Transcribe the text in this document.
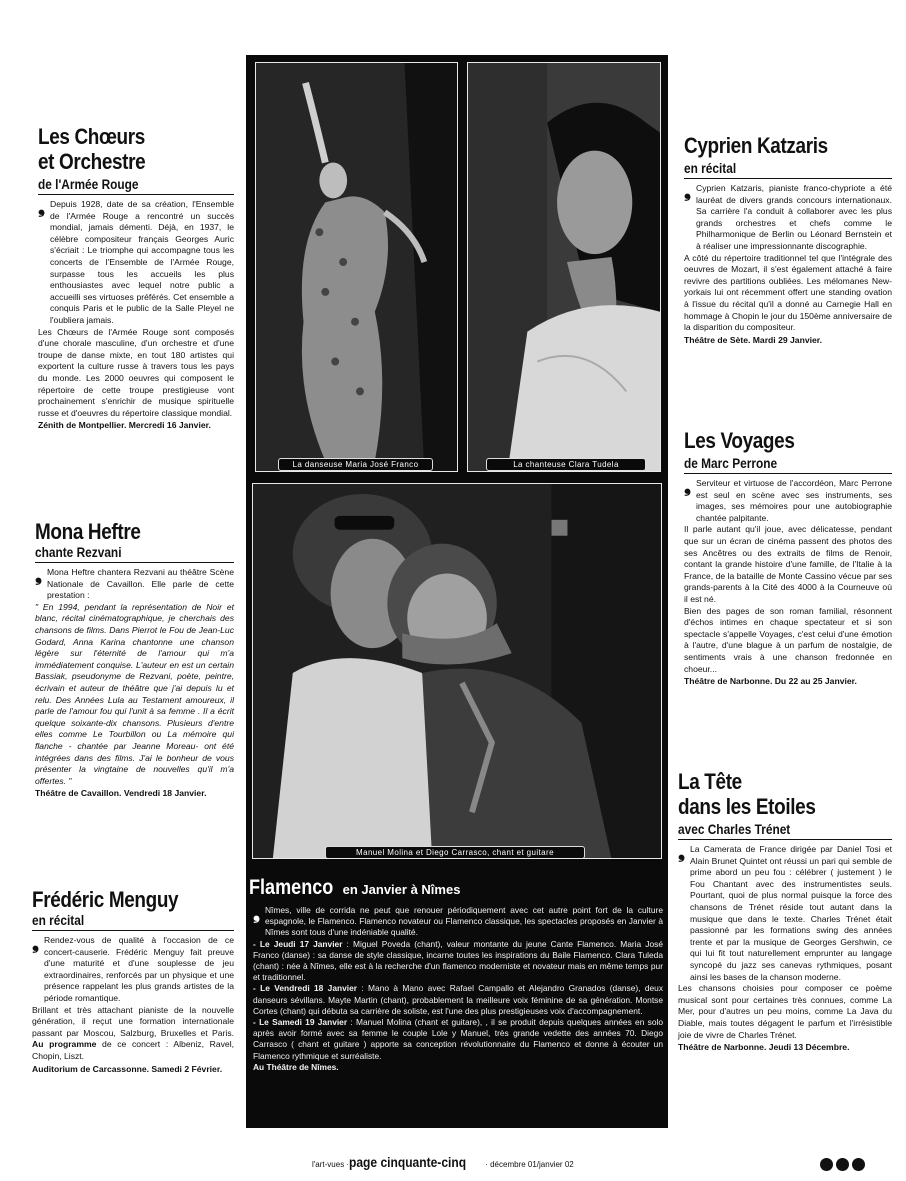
Les Chœurs
et Orchestre
de l'Armée Rouge

❟ Depuis 1928, date de sa création, l'Ensemble de l'Armée Rouge a rencontré un succès mondial, jamais démenti. Déjà, en 1937, le célèbre compositeur français Georges Auric s'écriait : Le triomphe qui accompagne tous les concerts de l'Ensemble de l'Armée Rouge, surpasse tous les accueils les plus enthousiastes avec lequel notre public a accueilli ses virtuoses préférés. Cet ensemble a conquis Paris et le public de la Salle Pleyel ne l'oubliera jamais.

Les Chœurs de l'Armée Rouge sont composés d'une chorale masculine, d'un orchestre et d'une troupe de danse mixte, en tout 180 artistes qui exportent la culture russe à travers tous les pays du monde. Les 2000 oeuvres qui composent le répertoire de cette troupe prestigieuse vont prochainement s'enrichir de musique spirituelle russe et d'oeuvres du répertoire classique mondial.

Zénith de Montpellier. Mercredi 16 Janvier.

Mona Heftre
chante Rezvani

❟ Mona Heftre chantera Rezvani au théâtre Scène Nationale de Cavaillon. Elle parle de cette prestation :

" En 1994, pendant la représentation de Noir et blanc, récital cinématographique, je cherchais des chansons de films. Dans Pierrot le Fou de Jean-Luc Godard, Anna Karina chantonne une chanson légère sur l'éternité de l'amour qui m'a immédiatement conquise. L'auteur en est un certain Bassiak, pseudonyme de Rezvani, poète, peintre, écrivain et auteur de théâtre que j'ai depuis lu et relu. Des Années Lula au Testament amoureux, il parle de l'amour fou qui l'unit à sa femme . Il a écrit quelque soixante-dix chansons. Plusieurs d'entre elles comme Le Tourbillon ou La mémoire qui flanche - chantée par Jeanne Moreau- ont été intégrées dans des films. J'ai le bonheur de vous présenter la vingtaine de nouvelles qu'il m'a offertes. "

Théâtre de Cavaillon. Vendredi 18 Janvier.

Frédéric Menguy
en récital

❟ Rendez-vous de qualité à l'occasion de ce concert-causerie. Frédéric Menguy fait preuve d'une maturité et d'une souplesse de jeu extraordinaires, renforcés par un physique et une présence rappelant les plus grands artistes de la période romantique.

Brillant et très attachant pianiste de la nouvelle génération, il reçut une formation internationale passant par Moscou, Salzburg, Bruxelles et Paris. Au programme de ce concert : Albeniz, Ravel, Chopin, Liszt.

Auditorium de Carcassonne. Samedi 2 Février.

La danseuse Maria José Franco	La chanteuse Clara Tudela
Manuel Molina et Diego Carrasco, chant et guitare
Flamenco en Janvier à Nîmes

❟ Nîmes, ville de corrida ne peut que renouer périodiquement avec cet autre point fort de la culture espagnole, le Flamenco. Flamenco novateur ou Flamenco classique, les spectacles proposés en Janvier à Nîmes sont tous d'une indéniable qualité.

- Le Jeudi 17 Janvier : Miguel Poveda (chant), valeur montante du jeune Cante Flamenco. Maria José Franco (danse) : sa danse de style classique, incarne toutes les inspirations du Baile Flamenco. Clara Tuleda (chant) : née à Nîmes, elle est à la recherche d'un flamenco moderniste et novateur mais en même temps pur et traditionnel.

- Le Vendredi 18 Janvier : Mano à Mano avec Rafael Campallo et Alejandro Granados (danse), deux danseurs sévillans. Mayte Martin (chant), probablement la meilleure voix féminine de sa génération. Montse Cortes (chant) qui débuta sa carrière de soliste, est l'une des plus prestigieuses voix d'accompagnement.

- Le Samedi 19 Janvier : Manuel Molina (chant et guitare), , il se produit depuis quelques années en solo après avoir formé avec sa femme le couple Lole y Manuel, très grande vedette des années 70. Diego Carrasco ( chant et guitare ) apporte sa conception révolutionnaire du Flamenco et donne à écouter un Flamenco rythmique et surréaliste.

Au Théâtre de Nîmes.

Cyprien Katzaris
en récital

❟ Cyprien Katzaris, pianiste franco-chypriote a été lauréat de divers grands concours internationaux. Sa carrière l'a conduit à collaborer avec les plus grands orchestres et chefs comme le Philharmonique de Berlin ou Léonard Bernstein et à réaliser une impressionnante discographie.

A côté du répertoire traditionnel tel que l'intégrale des oeuvres de Mozart, il s'est également attaché à faire revivre des partitions oubliées. Les mélomanes New-yorkais lui ont récemment offert une standing ovation à l'issue du récital qu'il a donné au Carnegie Hall en hommage à Chopin le jour du 150ème anniversaire de la disparition du compositeur.

Théâtre de Sète. Mardi 29 Janvier.

Les Voyages
de Marc Perrone

❟ Serviteur et virtuose de l'accordéon, Marc Perrone est seul en scène avec ses instruments, ses images, ses mémoires pour une autobiographie chantée palpitante.

Il parle autant qu'il joue, avec délicatesse, pendant que sur un écran de cinéma passent des photos des ses Ancêtres ou des extraits de films de Renoir, contant la grande histoire d'une famille, de l'Italie à la France, de la bataille de Monte Cassino vécue par ses grands-parents à la Cité des 4000 à la Courneuve où il est né.

Bien des pages de son roman familial, résonnent d'échos intimes en chaque spectateur et si son spectacle s'appelle Voyages, c'est celui d'une émotion à l'autre, d'une blague à un parfum de nostalgie, de sentiments vrais à une chanson fredonnée en choeur...

Théâtre de Narbonne. Du 22 au 25 Janvier.

La Tête
dans les Etoiles
avec Charles Trénet

❟ La Camerata de France dirigée par Daniel Tosi et Alain Brunet Quintet ont réussi un pari qui semble de prime abord un peu fou : célébrer ( justement ) le Fou Chantant avec des instrumentistes seuls. Pourtant, quoi de plus normal puisque la force des chansons de Trénet réside tout autant dans la musique que dans le texte. Charles Trénet était passionné par les formations swing des années trente et par la musique de Georges Gershwin, ce qui lui fit tout naturellement emprunter au langage syncopé du jazz ses canevas rythmiques, posant ainsi les bases de la chanson moderne.

Les chansons choisies pour composer ce poème musical sont pour certaines très connues, comme La Mer, pour d'autres un peu moins, comme La Java du Diable, mais toutes dégagent le parfum et l'irrésistible joie de vivre de Charles Trénet.

Théâtre de Narbonne. Jeudi 13 Décembre.

l'art-vues ·page cinquante-cinq· décembre 01/janvier 02
